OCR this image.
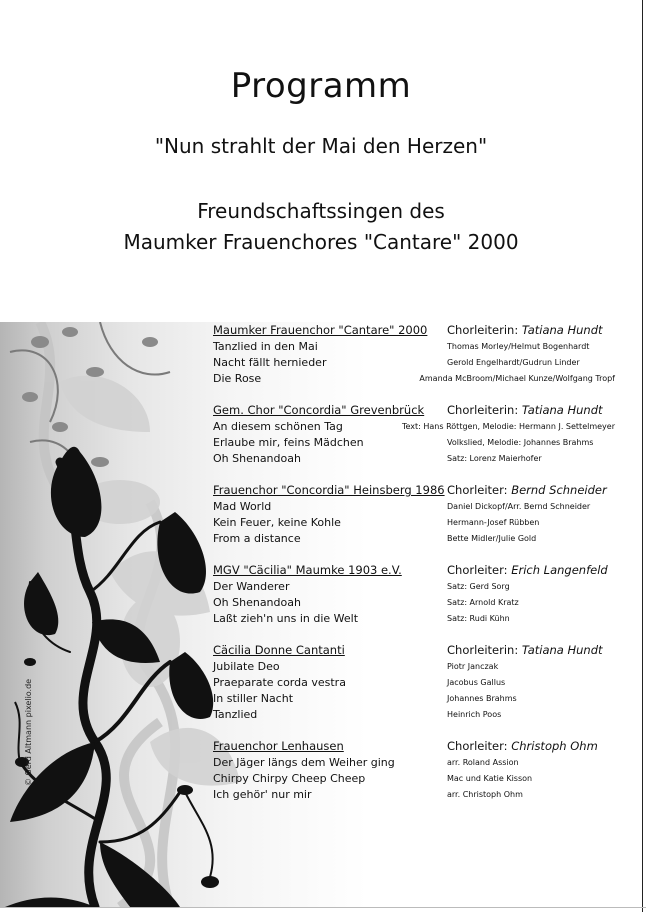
Programm
"Nun strahlt der Mai den Herzen"
Freundschaftssingen des
Maumker Frauenchores "Cantare" 2000
© Gerd Altmann pixelio.de
Maumker Frauenchor "Cantare" 2000 Chorleiterin: Tatiana Hundt
Tanzlied in den Mai	Thomas Morley/Helmut Bogenhardt
Nacht fällt hernieder	Gerold Engelhardt/Gudrun Linder
Die Rose	Amanda McBroom/Michael Kunze/Wolfgang Tropf
Gem. Chor "Concordia" Grevenbrück Chorleiterin: Tatiana Hundt
An diesem schönen Tag	Text: Hans Röttgen, Melodie: Hermann J. Settelmeyer
Erlaube mir, feins Mädchen	Volkslied, Melodie: Johannes Brahms
Oh Shenandoah	Satz: Lorenz Maierhofer
Frauenchor "Concordia" Heinsberg 1986 Chorleiter: Bernd Schneider
Mad World	Daniel Dickopf/Arr. Bernd Schneider
Kein Feuer, keine Kohle	Hermann-Josef Rübben
From a distance	Bette Midler/Julie Gold
MGV "Cäcilia" Maumke 1903 e.V.	Chorleiter: Erich Langenfeld
Der Wanderer	Satz: Gerd Sorg
Oh Shenandoah	Satz: Arnold Kratz
Laßt zieh'n uns in die Welt	Satz: Rudi Kühn
Cäcilia Donne Cantanti	Chorleiterin: Tatiana Hundt
Jubilate Deo	Piotr Janczak
Praeparate corda vestra	Jacobus Gallus
In stiller Nacht	Johannes Brahms
Tanzlied	Heinrich Poos
Frauenchor Lenhausen	Chorleiter: Christoph Ohm
Der Jäger längs dem Weiher ging	arr. Roland Assion
Chirpy Chirpy Cheep Cheep	Mac und Katie Kisson
Ich gehör' nur mir	arr. Christoph Ohm
